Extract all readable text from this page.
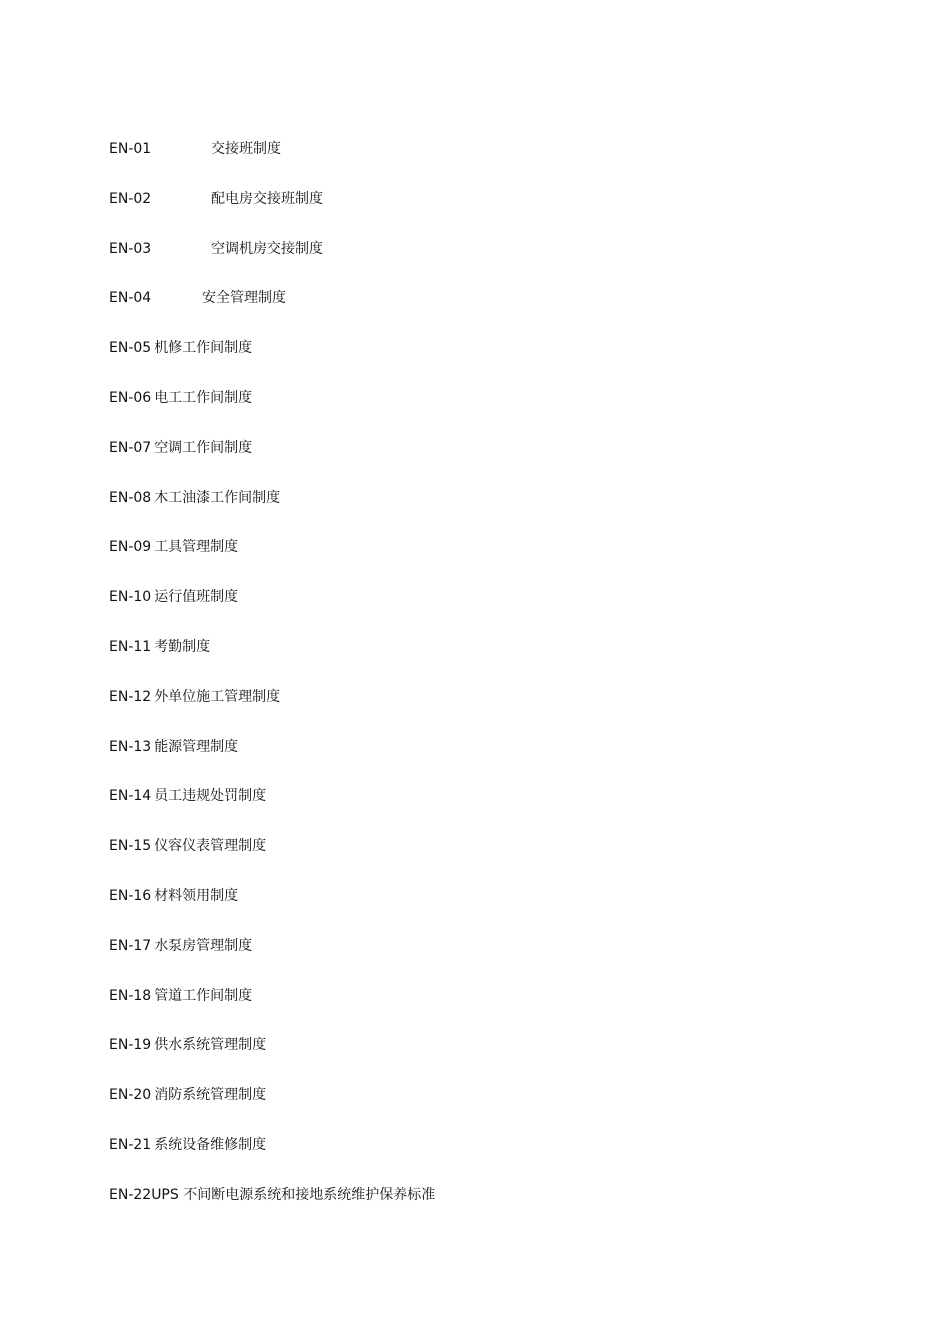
EN-01	交接班制度
EN-02	配电房交接班制度
EN-03	空调机房交接制度
EN-04	安全管理制度
EN-05 机修工作间制度
EN-06 电工工作间制度
EN-07 空调工作间制度
EN-08 木工油漆工作间制度
EN-09 工具管理制度
EN-10 运行值班制度
EN-11 考勤制度
EN-12 外单位施工管理制度
EN-13 能源管理制度
EN-14 员工违规处罚制度
EN-15 仪容仪表管理制度
EN-16 材料领用制度
EN-17 水泵房管理制度
EN-18 管道工作间制度
EN-19 供水系统管理制度
EN-20 消防系统管理制度
EN-21 系统设备维修制度
EN-22UPS 不间断电源系统和接地系统维护保养标准
